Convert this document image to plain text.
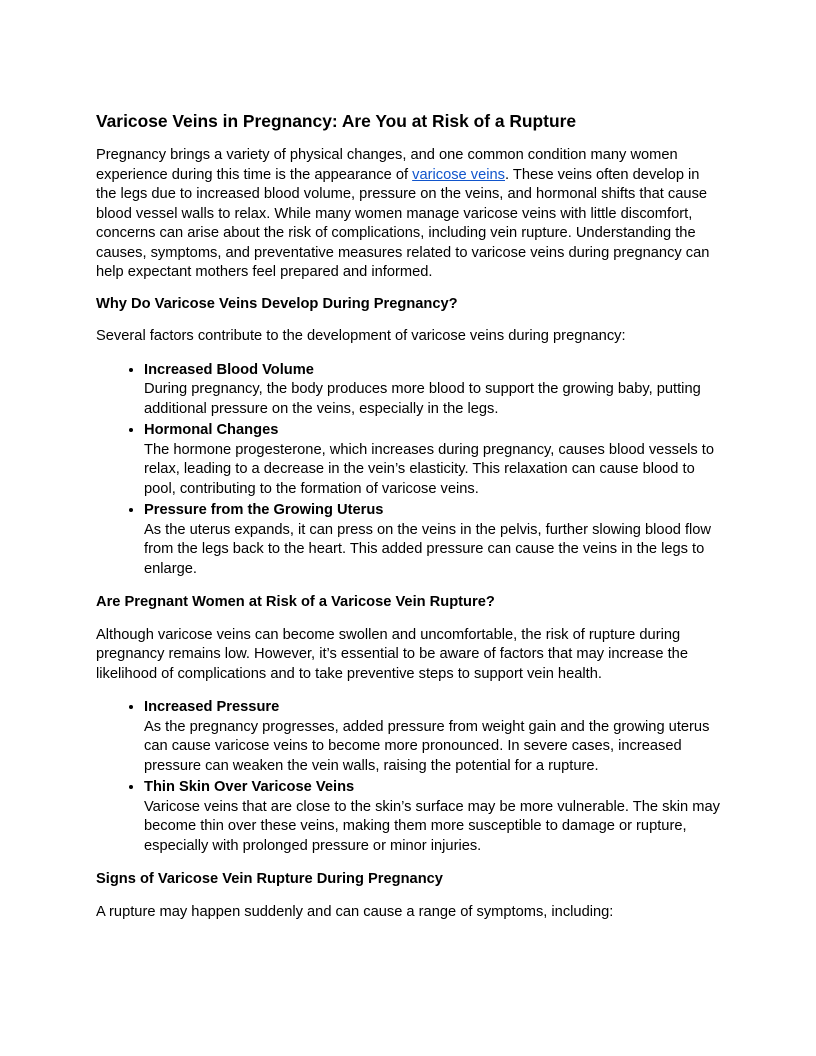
Varicose Veins in Pregnancy: Are You at Risk of a Rupture

Pregnancy brings a variety of physical changes, and one common condition many women experience during this time is the appearance of varicose veins. These veins often develop in the legs due to increased blood volume, pressure on the veins, and hormonal shifts that cause blood vessel walls to relax. While many women manage varicose veins with little discomfort, concerns can arise about the risk of complications, including vein rupture. Understanding the causes, symptoms, and preventative measures related to varicose veins during pregnancy can help expectant mothers feel prepared and informed.

Why Do Varicose Veins Develop During Pregnancy?

Several factors contribute to the development of varicose veins during pregnancy:

• Increased Blood Volume
During pregnancy, the body produces more blood to support the growing baby, putting additional pressure on the veins, especially in the legs.
• Hormonal Changes
The hormone progesterone, which increases during pregnancy, causes blood vessels to relax, leading to a decrease in the vein’s elasticity. This relaxation can cause blood to pool, contributing to the formation of varicose veins.
• Pressure from the Growing Uterus
As the uterus expands, it can press on the veins in the pelvis, further slowing blood flow from the legs back to the heart. This added pressure can cause the veins in the legs to enlarge.
Are Pregnant Women at Risk of a Varicose Vein Rupture?

Although varicose veins can become swollen and uncomfortable, the risk of rupture during pregnancy remains low. However, it’s essential to be aware of factors that may increase the likelihood of complications and to take preventive steps to support vein health.

• Increased Pressure
As the pregnancy progresses, added pressure from weight gain and the growing uterus can cause varicose veins to become more pronounced. In severe cases, increased pressure can weaken the vein walls, raising the potential for a rupture.
• Thin Skin Over Varicose Veins
Varicose veins that are close to the skin’s surface may be more vulnerable. The skin may become thin over these veins, making them more susceptible to damage or rupture, especially with prolonged pressure or minor injuries.
Signs of Varicose Vein Rupture During Pregnancy

A rupture may happen suddenly and can cause a range of symptoms, including:
